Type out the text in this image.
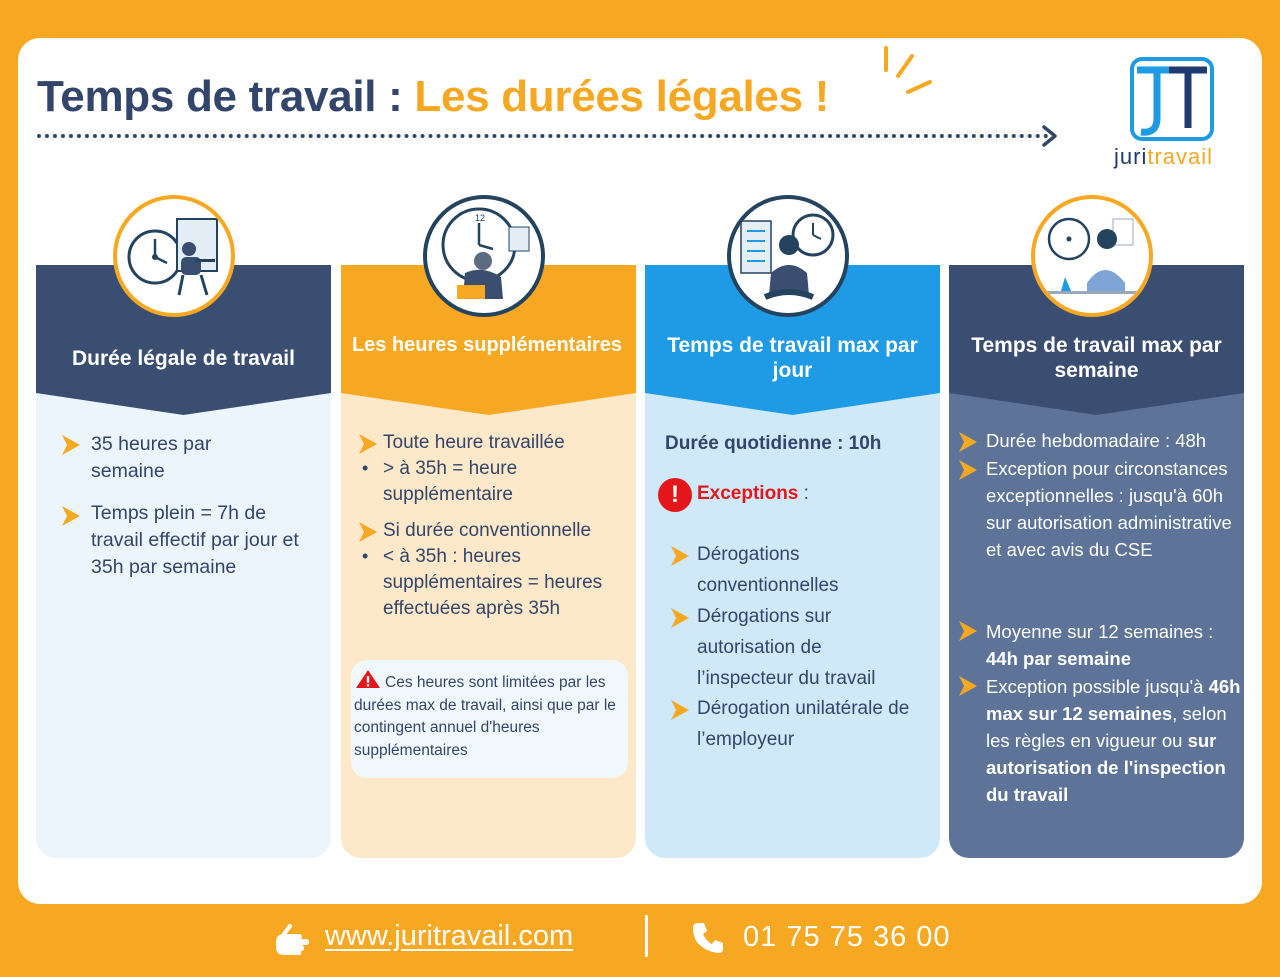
Temps de travail : Les durées légales !
juritravail
Durée légale de travail
35 heures par semaine
Temps plein = 7h de travail effectif par jour et 35h par semaine
Les heures supplémentaires
12
Toute heure travaillée
• > à 35h = heure supplémentaire
Si durée conventionnelle
• < à 35h : heures supplémentaires = heures effectuées après 35h
Ces heures sont limitées par les durées max de travail, ainsi que par le contingent annuel d'heures supplémentaires
Temps de travail max par jour
Durée quotidienne : 10h
! Exceptions :
Dérogations conventionnelles
Dérogations sur autorisation de l’inspecteur du travail
Dérogation unilatérale de l’employeur
Temps de travail max par semaine
Durée hebdomadaire : 48h
Exception pour circonstances exceptionnelles : jusqu'à 60h sur autorisation administrative et avec avis du CSE
Moyenne sur 12 semaines : 44h par semaine
Exception possible jusqu'à 46h max sur 12 semaines, selon les règles en vigueur ou sur autorisation de l'inspection du travail
www.juritravail.com	01 75 75 36 00
